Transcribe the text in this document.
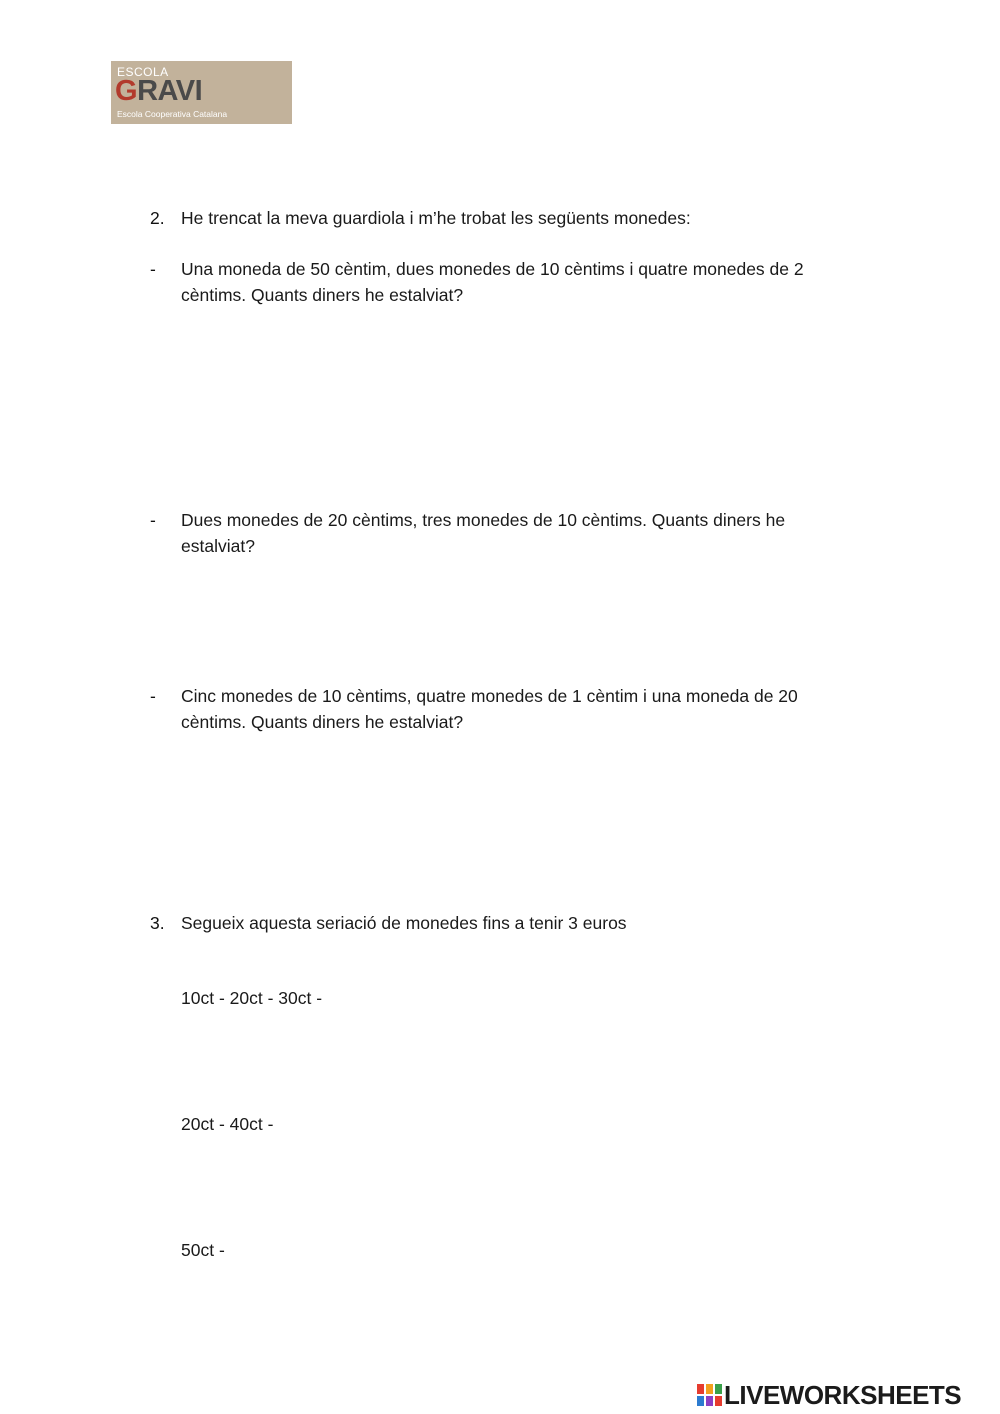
ESCOLA
GRAVI
Escola Cooperativa Catalana
2. He trencat la meva guardiola i m’he trobat les següents monedes:
- Una moneda de 50 cèntim, dues monedes de 10 cèntims i quatre monedes de 2 cèntims. Quants diners he estalviat?
- Dues monedes de 20 cèntims, tres monedes de 10 cèntims. Quants diners he estalviat?
- Cinc monedes de 10 cèntims, quatre monedes de 1 cèntim i una moneda de 20 cèntims. Quants diners he estalviat?
3. Segueix aquesta seriació de monedes fins a tenir 3 euros
10ct - 20ct - 30ct -
20ct - 40ct -
50ct -
LIVEWORKSHEETS
